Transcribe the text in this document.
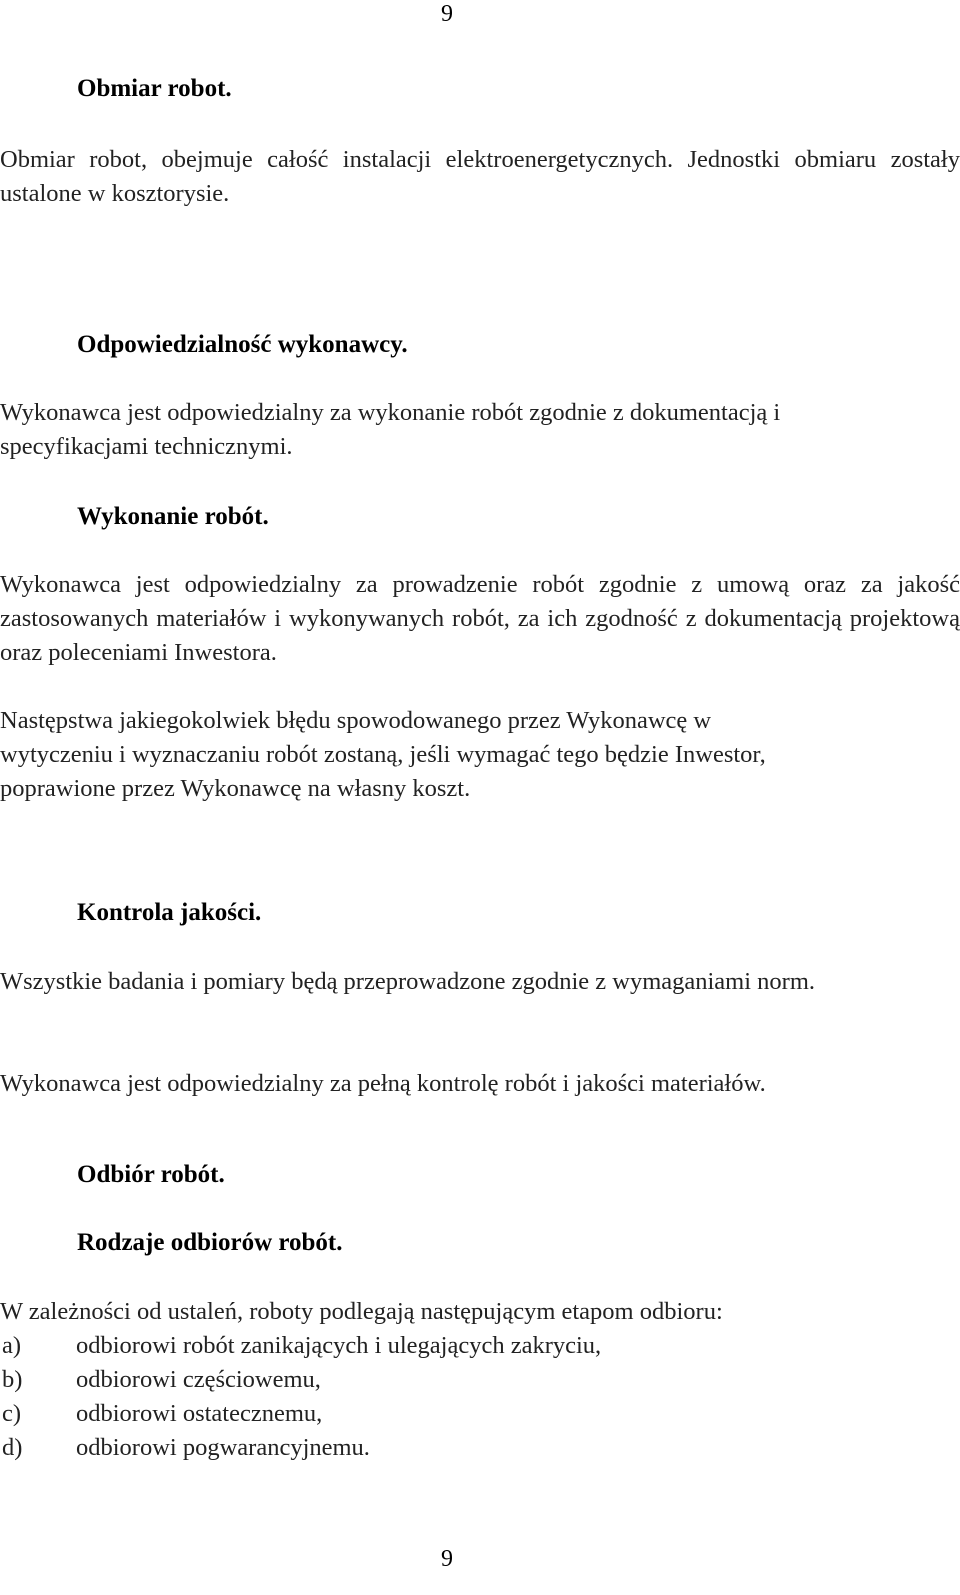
9
Obmiar robot.
Obmiar robot, obejmuje całość instalacji elektroenergetycznych. Jednostki obmiaru zostały ustalone w kosztorysie.
Odpowiedzialność wykonawcy.
Wykonawca jest odpowiedzialny za wykonanie robót zgodnie z dokumentacją i
specyfikacjami technicznymi.
Wykonanie robót.
Wykonawca jest odpowiedzialny za prowadzenie robót zgodnie z umową oraz za jakość zastosowanych materiałów i wykonywanych robót, za ich zgodność z dokumentacją projektową oraz poleceniami Inwestora.
Następstwa jakiegokolwiek błędu spowodowanego przez Wykonawcę w
wytyczeniu i wyznaczaniu robót zostaną, jeśli wymagać tego będzie Inwestor,
poprawione przez Wykonawcę na własny koszt.
Kontrola jakości.
Wszystkie badania i pomiary będą przeprowadzone zgodnie z wymaganiami norm.
Wykonawca jest odpowiedzialny za pełną kontrolę robót i jakości materiałów.
Odbiór robót.
Rodzaje odbiorów robót.
W zależności od ustaleń, roboty podlegają następującym etapom odbioru:
a) odbiorowi robót zanikających i ulegających zakryciu,
b) odbiorowi częściowemu,
c) odbiorowi ostatecznemu,
d) odbiorowi pogwarancyjnemu.
9
